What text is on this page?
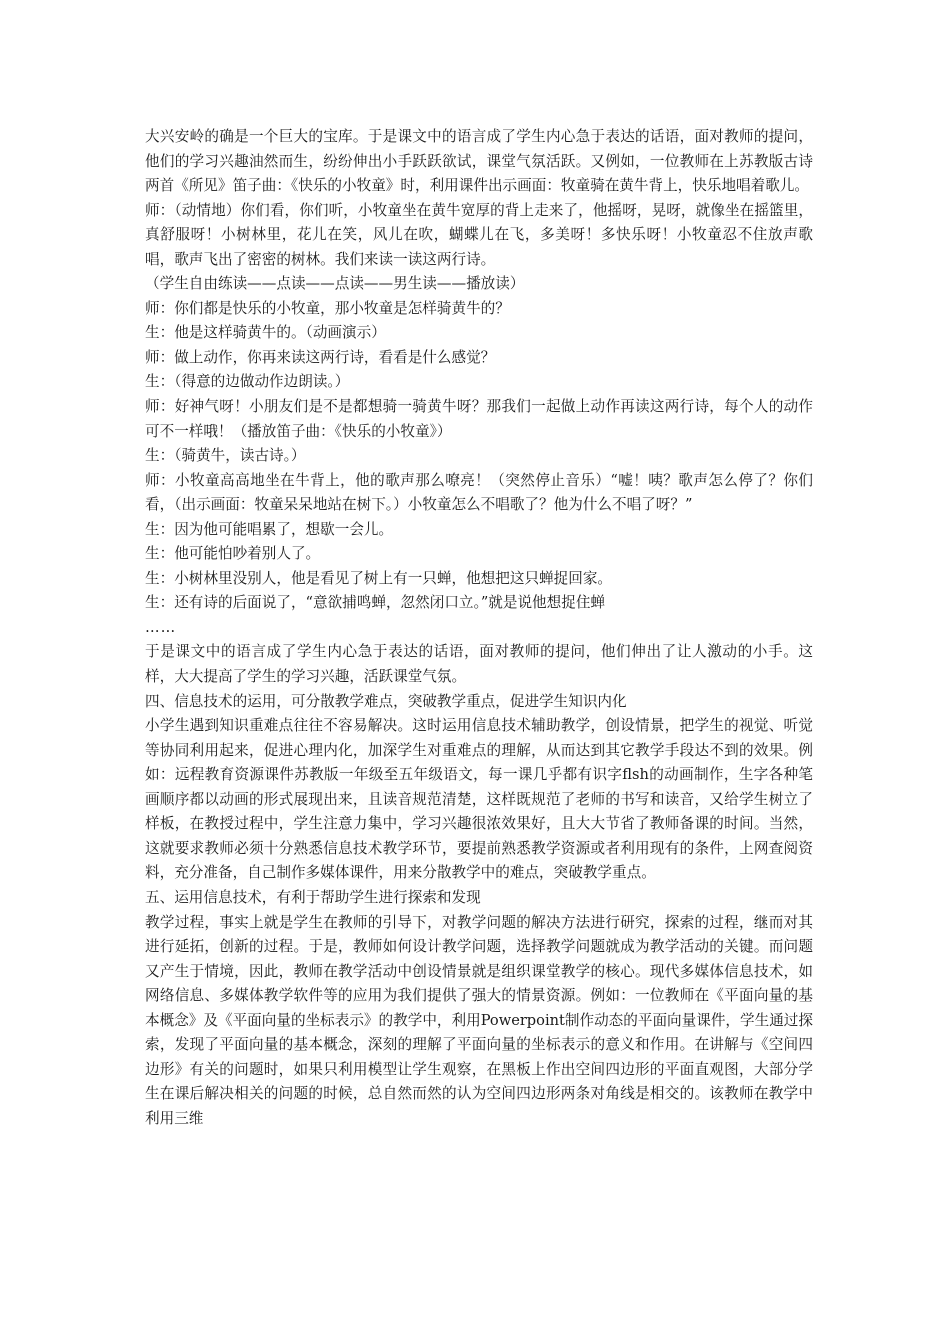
大兴安岭的确是一个巨大的宝库。于是课文中的语言成了学生内心急于表达的话语，面对教师的提问，他们的学习兴趣油然而生，纷纷伸出小手跃跃欲试，课堂气氛活跃。又例如，一位教师在上苏教版古诗两首《所见》笛子曲：《快乐的小牧童》时，利用课件出示画面：牧童骑在黄牛背上，快乐地唱着歌儿。

师：（动情地）你们看，你们听，小牧童坐在黄牛宽厚的背上走来了，他摇呀，晃呀，就像坐在摇篮里，真舒服呀！小树林里，花儿在笑，风儿在吹，蝴蝶儿在飞，多美呀！多快乐呀！小牧童忍不住放声歌唱，歌声飞出了密密的树林。我们来读一读这两行诗。

（学生自由练读——点读——点读——男生读——播放读）

师：你们都是快乐的小牧童，那小牧童是怎样骑黄牛的？

生：他是这样骑黄牛的。（动画演示）

师：做上动作，你再来读这两行诗，看看是什么感觉？

生：（得意的边做动作边朗读。）

师：好神气呀！小朋友们是不是都想骑一骑黄牛呀？那我们一起做上动作再读这两行诗，每个人的动作可不一样哦！（播放笛子曲：《快乐的小牧童》）

生：（骑黄牛，读古诗。）

师：小牧童高高地坐在牛背上，他的歌声那么嘹亮！（突然停止音乐）“嘘！咦？歌声怎么停了？你们看，（出示画面：牧童呆呆地站在树下。）小牧童怎么不唱歌了？他为什么不唱了呀？”

生：因为他可能唱累了，想歇一会儿。

生：他可能怕吵着别人了。

生：小树林里没别人，他是看见了树上有一只蝉，他想把这只蝉捉回家。

生：还有诗的后面说了，“意欲捕鸣蝉，忽然闭口立。”就是说他想捉住蝉

……

于是课文中的语言成了学生内心急于表达的话语，面对教师的提问，他们伸出了让人激动的小手。这样，大大提高了学生的学习兴趣，活跃课堂气氛。

四、信息技术的运用，可分散教学难点，突破教学重点，促进学生知识内化

小学生遇到知识重难点往往不容易解决。这时运用信息技术辅助教学，创设情景，把学生的视觉、听觉等协同利用起来，促进心理内化，加深学生对重难点的理解，从而达到其它教学手段达不到的效果。例如：远程教育资源课件苏教版一年级至五年级语文，每一课几乎都有识字flsh的动画制作，生字各种笔画顺序都以动画的形式展现出来，且读音规范清楚，这样既规范了老师的书写和读音，又给学生树立了样板，在教授过程中，学生注意力集中，学习兴趣很浓效果好，且大大节省了教师备课的时间。当然，这就要求教师必须十分熟悉信息技术教学环节，要提前熟悉教学资源或者利用现有的条件，上网查阅资料，充分准备，自己制作多媒体课件，用来分散教学中的难点，突破教学重点。

五、运用信息技术，有利于帮助学生进行探索和发现

教学过程，事实上就是学生在教师的引导下，对教学问题的解决方法进行研究，探索的过程，继而对其进行延拓，创新的过程。于是，教师如何设计教学问题，选择教学问题就成为教学活动的关键。而问题又产生于情境，因此，教师在教学活动中创设情景就是组织课堂教学的核心。现代多媒体信息技术，如网络信息、多媒体教学软件等的应用为我们提供了强大的情景资源。例如：一位教师在《平面向量的基本概念》及《平面向量的坐标表示》的教学中，利用Powerpoint制作动态的平面向量课件，学生通过探索，发现了平面向量的基本概念，深刻的理解了平面向量的坐标表示的意义和作用。在讲解与《空间四边形》有关的问题时，如果只利用模型让学生观察，在黑板上作出空间四边形的平面直观图，大部分学生在课后解决相关的问题的时候，总自然而然的认为空间四边形两条对角线是相交的。该教师在教学中利用三维
